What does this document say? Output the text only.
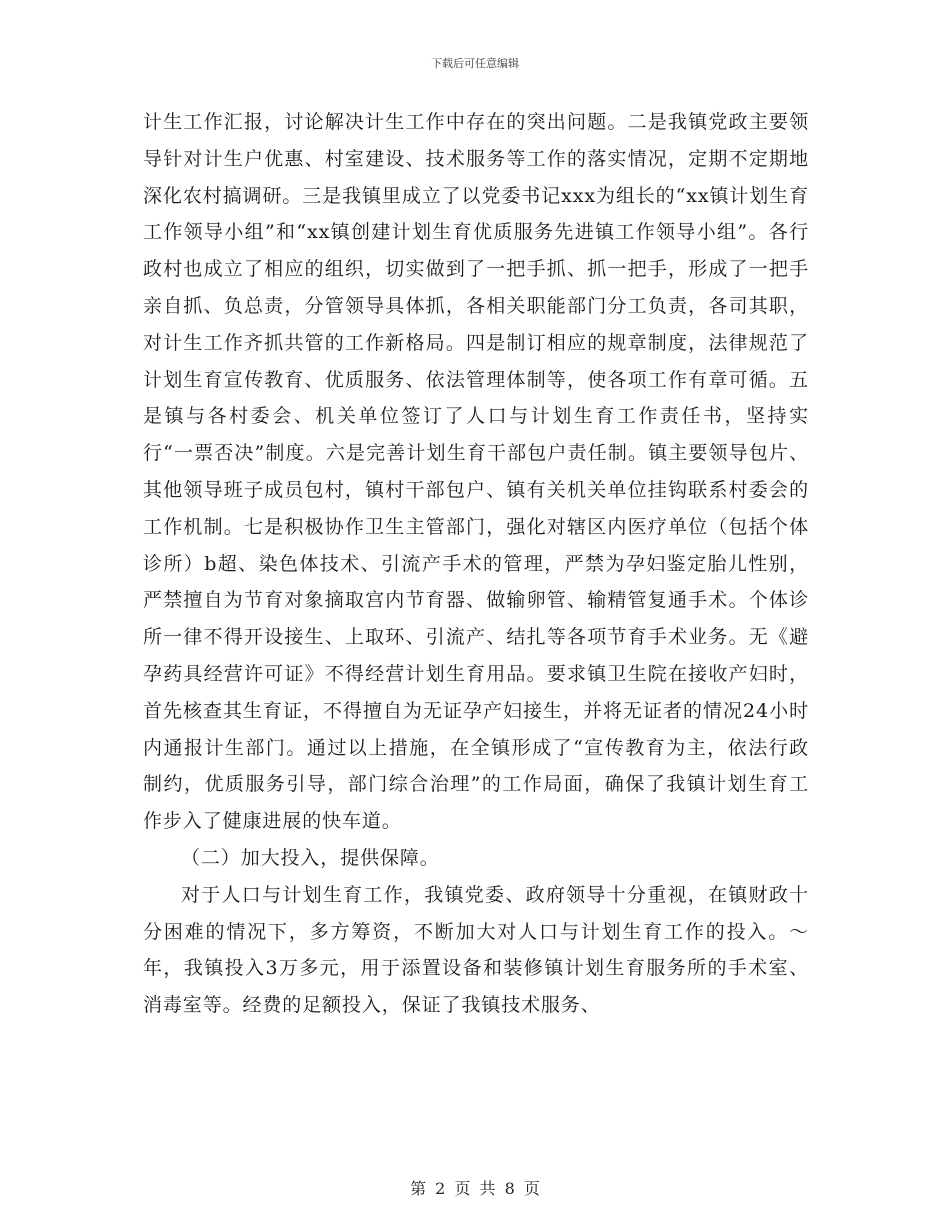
下载后可任意编辑

计生工作汇报，讨论解决计生工作中存在的突出问题。二是我镇党政主要领导针对计生户优惠、村室建设、技术服务等工作的落实情况，定期不定期地深化农村搞调研。三是我镇里成立了以党委书记xxx为组长的“xx镇计划生育工作领导小组”和“xx镇创建计划生育优质服务先进镇工作领导小组”。各行政村也成立了相应的组织，切实做到了一把手抓、抓一把手，形成了一把手亲自抓、负总责，分管领导具体抓，各相关职能部门分工负责，各司其职，对计生工作齐抓共管的工作新格局。四是制订相应的规章制度，法律规范了计划生育宣传教育、优质服务、依法管理体制等，使各项工作有章可循。五是镇与各村委会、机关单位签订了人口与计划生育工作责任书，坚持实行“一票否决”制度。六是完善计划生育干部包户责任制。镇主要领导包片、其他领导班子成员包村，镇村干部包户、镇有关机关单位挂钩联系村委会的工作机制。七是积极协作卫生主管部门，强化对辖区内医疗单位（包括个体诊所）b超、染色体技术、引流产手术的管理，严禁为孕妇鉴定胎儿性别，严禁擅自为节育对象摘取宫内节育器、做输卵管、输精管复通手术。个体诊所一律不得开设接生、上取环、引流产、结扎等各项节育手术业务。无《避孕药具经营许可证》不得经营计划生育用品。要求镇卫生院在接收产妇时，首先核查其生育证，不得擅自为无证孕产妇接生，并将无证者的情况24小时内通报计生部门。通过以上措施，在全镇形成了“宣传教育为主，依法行政制约，优质服务引导，部门综合治理”的工作局面，确保了我镇计划生育工作步入了健康进展的快车道。

（二）加大投入，提供保障。

对于人口与计划生育工作，我镇党委、政府领导十分重视，在镇财政十分困难的情况下，多方筹资，不断加大对人口与计划生育工作的投入。～年，我镇投入3万多元，用于添置设备和装修镇计划生育服务所的手术室、消毒室等。经费的足额投入，保证了我镇技术服务、

第 2 页 共 8 页
